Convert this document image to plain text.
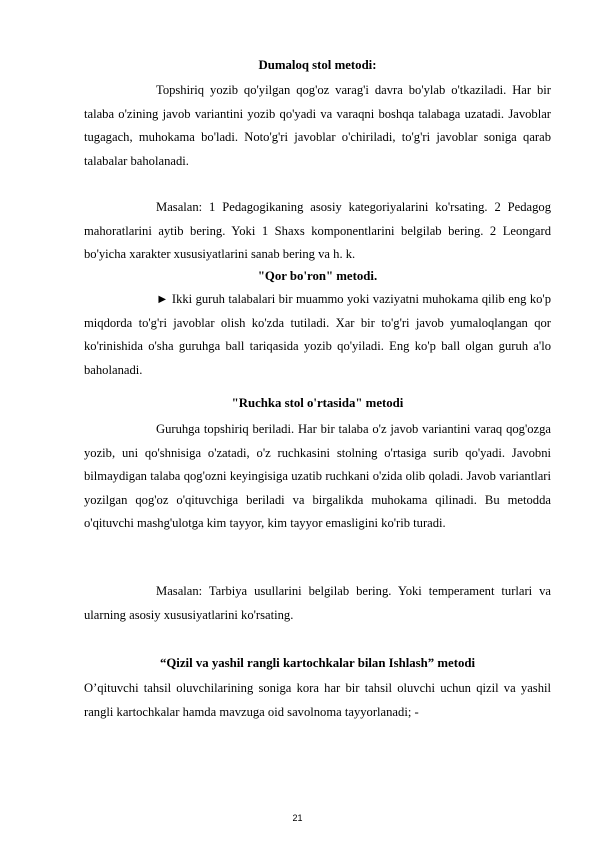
Dumaloq stol metodi:
Topshiriq yozib qo'yilgan qog'oz varag'i davra bo'ylab o'tkaziladi. Har bir talaba o'zining javob variantini yozib qo'yadi va varaqni boshqa talabaga uzatadi. Javoblar tugagach, muhokama bo'ladi. Noto'g'ri javoblar o'chiriladi, to'g'ri javoblar soniga qarab talabalar baholanadi.
Masalan: 1 Pedagogikaning asosiy kategoriyalarini ko'rsating. 2 Pedagog mahoratlarini aytib bering. Yoki 1 Shaxs komponentlarini belgilab bering. 2 Leongard bo'yicha xarakter xususiyatlarini sanab bering va h. k.
"Qor bo'ron" metodi.
► Ikki guruh talabalari bir muammo yoki vaziyatni muhokama qilib eng ko'p miqdorda to'g'ri javoblar olish ko'zda tutiladi. Xar bir to'g'ri javob yumaloqlangan qor ko'rinishida o'sha guruhga ball tariqasida yozib qo'yiladi. Eng ko'p ball olgan guruh a'lo baholanadi.
"Ruchka stol o'rtasida" metodi
Guruhga topshiriq beriladi. Har bir talaba o'z javob variantini varaq qog'ozga yozib, uni qo'shnisiga o'zatadi, o'z ruchkasini stolning o'rtasiga surib qo'yadi. Javobni bilmaydigan talaba qog'ozni keyingisiga uzatib ruchkani o'zida olib qoladi. Javob variantlari yozilgan qog'oz o'qituvchiga beriladi va birgalikda muhokama qilinadi. Bu metodda o'qituvchi mashg'ulotga kim tayyor, kim tayyor emasligini ko'rib turadi.
Masalan: Tarbiya usullarini belgilab bering. Yoki temperament turlari va ularning asosiy xususiyatlarini ko'rsating.
“Qizil va yashil rangli kartochkalar bilan Ishlash” metodi
O’qituvchi tahsil oluvchilarining soniga kora har bir tahsil oluvchi uchun qizil va yashil rangli kartochkalar hamda mavzuga oid savolnoma tayyorlanadi; -
21
